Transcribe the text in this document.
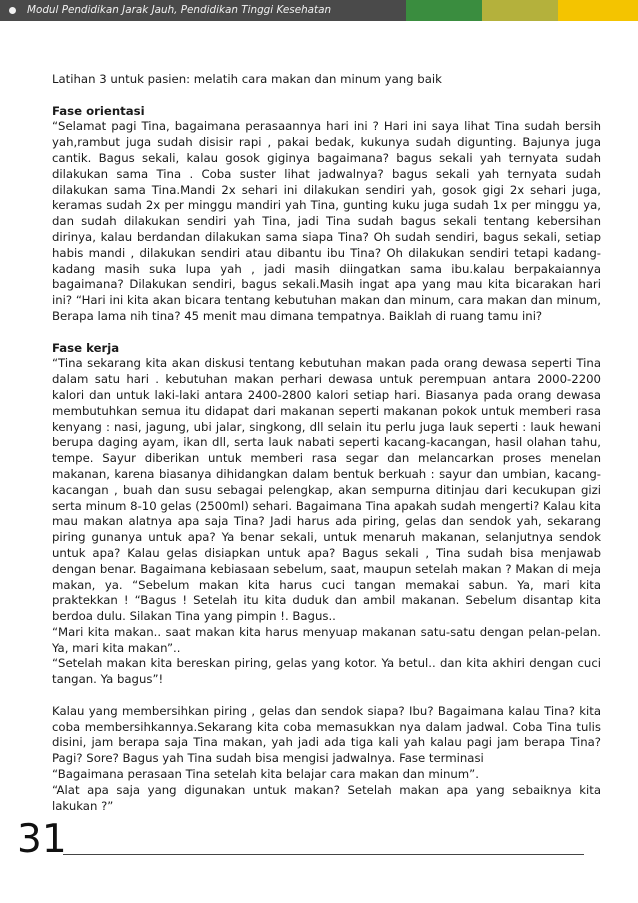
Modul Pendidikan Jarak Jauh, Pendidikan Tinggi Kesehatan

Latihan 3 untuk pasien: melatih cara makan dan minum yang baik

Fase orientasi

“Selamat pagi Tina, bagaimana perasaannya hari ini ? Hari ini saya lihat Tina sudah bersih yah,rambut juga sudah disisir rapi , pakai bedak, kukunya sudah digunting. Bajunya juga cantik. Bagus sekali, kalau gosok giginya bagaimana? bagus sekali yah ternyata sudah dilakukan sama Tina . Coba suster lihat jadwalnya? bagus sekali yah ternyata sudah dilakukan sama Tina.Mandi 2x sehari ini dilakukan sendiri yah, gosok gigi 2x sehari juga, keramas sudah 2x per minggu mandiri yah Tina, gunting kuku juga sudah 1x per minggu ya, dan sudah dilakukan sendiri yah Tina, jadi Tina sudah bagus sekali tentang kebersihan dirinya, kalau berdandan dilakukan sama siapa Tina? Oh sudah sendiri, bagus sekali, setiap habis mandi , dilakukan sendiri atau dibantu ibu Tina? Oh dilakukan sendiri tetapi kadang-kadang masih suka lupa yah , jadi masih diingatkan sama ibu.kalau berpakaiannya bagaimana? Dilakukan sendiri, bagus sekali.Masih ingat apa yang mau kita bicarakan hari ini? “Hari ini kita akan bicara tentang kebutuhan makan dan minum, cara makan dan minum, Berapa lama nih tina? 45 menit mau dimana tempatnya. Baiklah di ruang tamu ini?

Fase kerja

“Tina sekarang kita akan diskusi tentang kebutuhan makan pada orang dewasa seperti Tina dalam satu hari . kebutuhan makan perhari dewasa untuk perempuan antara 2000-2200 kalori dan untuk laki-laki antara 2400-2800 kalori setiap hari. Biasanya pada orang dewasa membutuhkan semua itu didapat dari makanan seperti makanan pokok untuk memberi rasa kenyang : nasi, jagung, ubi jalar, singkong, dll selain itu perlu juga lauk seperti : lauk hewani berupa daging ayam, ikan dll, serta lauk nabati seperti kacang-kacangan, hasil olahan tahu, tempe. Sayur diberikan untuk memberi rasa segar dan melancarkan proses menelan makanan, karena biasanya dihidangkan dalam bentuk berkuah : sayur dan umbian, kacang-kacangan , buah dan susu sebagai pelengkap, akan sempurna ditinjau dari kecukupan gizi serta minum 8-10 gelas (2500ml) sehari. Bagaimana Tina apakah sudah mengerti? Kalau kita mau makan alatnya apa saja Tina? Jadi harus ada piring, gelas dan sendok yah, sekarang piring gunanya untuk apa? Ya benar sekali, untuk menaruh makanan, selanjutnya sendok untuk apa? Kalau gelas disiapkan untuk apa? Bagus sekali , Tina sudah bisa menjawab dengan benar. Bagaimana kebiasaan sebelum, saat, maupun setelah makan ? Makan di meja makan, ya. “Sebelum makan kita harus cuci tangan memakai sabun. Ya, mari kita praktekkan ! “Bagus ! Setelah itu kita duduk dan ambil makanan. Sebelum disantap kita berdoa dulu. Silakan Tina yang pimpin !. Bagus..

“Mari kita makan.. saat makan kita harus menyuap makanan satu-satu dengan pelan-pelan. Ya, mari kita makan”..

“Setelah makan kita bereskan piring, gelas yang kotor. Ya betul.. dan kita akhiri dengan cuci tangan. Ya bagus”!

Kalau yang membersihkan piring , gelas dan sendok siapa? Ibu? Bagaimana kalau Tina? kita coba membersihkannya.Sekarang kita coba memasukkan nya dalam jadwal. Coba Tina tulis disini, jam berapa saja Tina makan, yah jadi ada tiga kali yah kalau pagi jam berapa Tina? Pagi? Sore? Bagus yah Tina sudah bisa mengisi jadwalnya. Fase terminasi

“Bagaimana perasaan Tina setelah kita belajar cara makan dan minum”.

“Alat apa saja yang digunakan untuk makan? Setelah makan apa yang sebaiknya kita lakukan ?”

31
